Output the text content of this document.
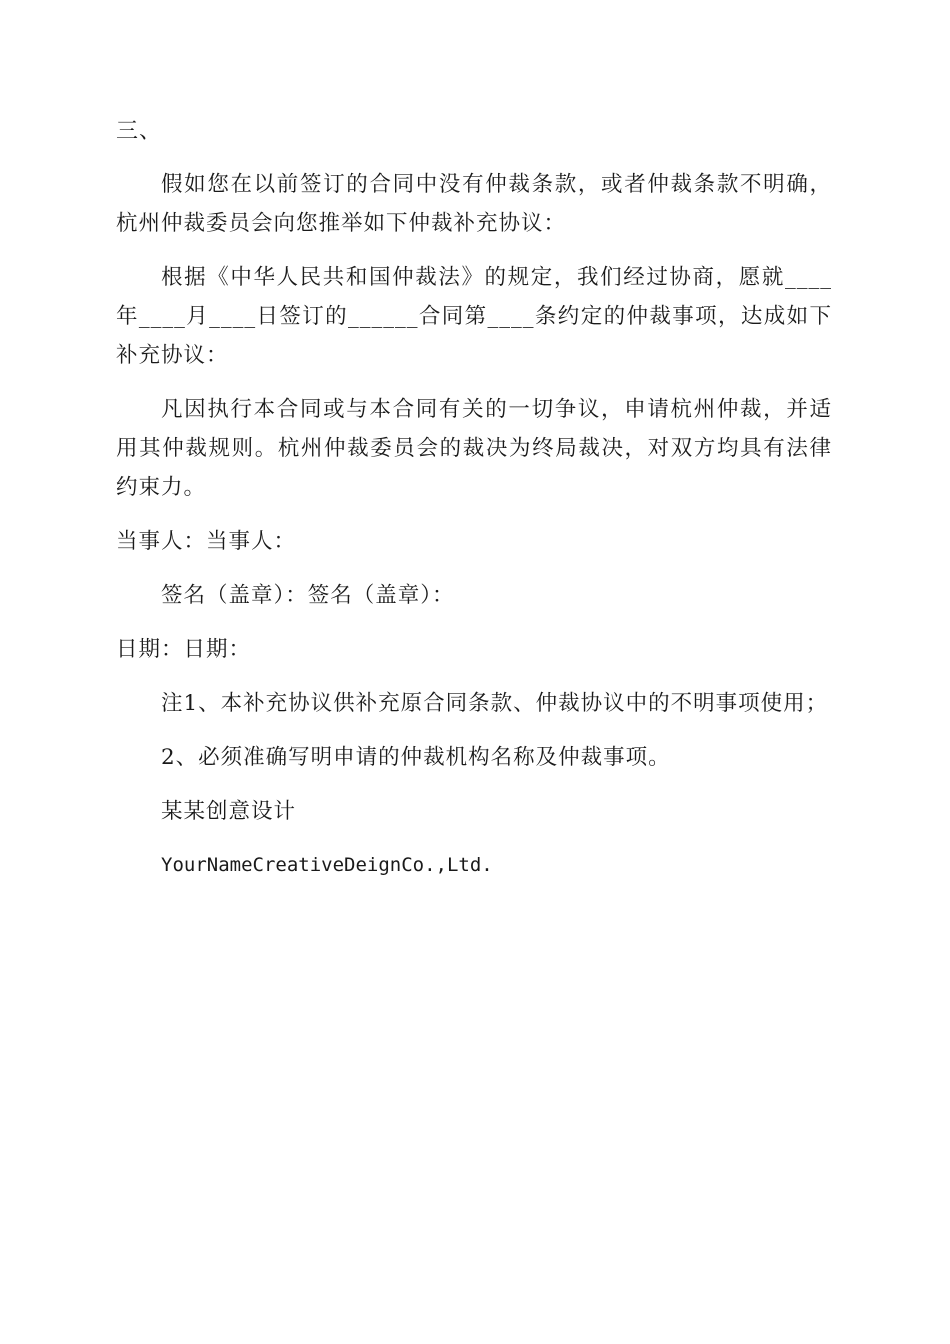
三、

假如您在以前签订的合同中没有仲裁条款，或者仲裁条款不明确，杭州仲裁委员会向您推举如下仲裁补充协议：

根据《中华人民共和国仲裁法》的规定，我们经过协商，愿就____年____月____日签订的______合同第____条约定的仲裁事项，达成如下补充协议：

凡因执行本合同或与本合同有关的一切争议，申请杭州仲裁，并适用其仲裁规则。杭州仲裁委员会的裁决为终局裁决，对双方均具有法律约束力。

当事人：当事人：

签名（盖章）：签名（盖章）：

日期：日期：

注1、本补充协议供补充原合同条款、仲裁协议中的不明事项使用；

2、必须准确写明申请的仲裁机构名称及仲裁事项。

某某创意设计

YourNameCreativeDeignCo.,Ltd.
